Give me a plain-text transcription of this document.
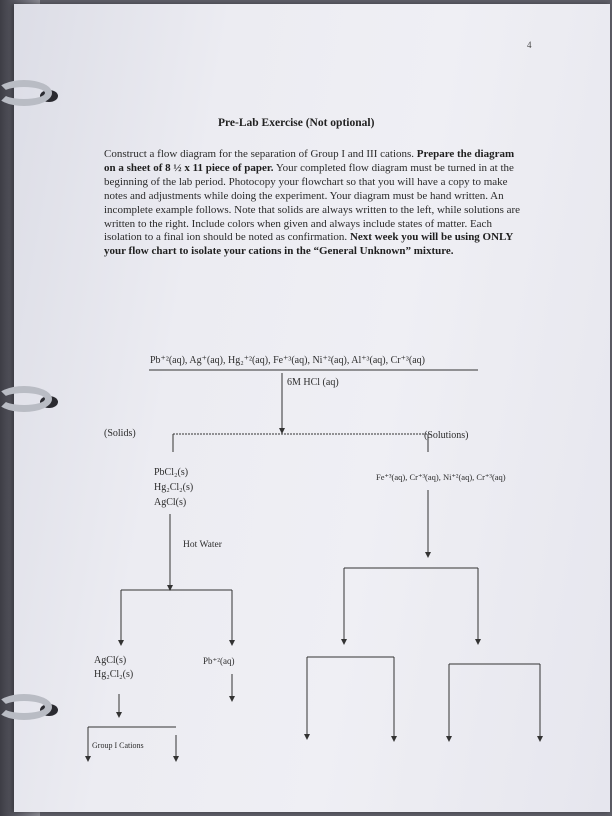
4
Pre-Lab Exercise (Not optional)

Construct a flow diagram for the separation of Group I and III cations. Prepare the diagram on a sheet of 8 ½ x 11 piece of paper. Your completed flow diagram must be turned in at the beginning of the lab period. Photocopy your flowchart so that you will have a copy to make notes and adjustments while doing the experiment. Your diagram must be hand written. An incomplete example follows. Note that solids are always written to the left, while solutions are written to the right. Include colors when given and always include states of matter. Each isolation to a final ion should be noted as confirmation. Next week you will be using ONLY your flow chart to isolate your cations in the “General Unknown” mixture.

Pb⁺²(aq), Ag⁺(aq), Hg₂⁺²(aq), Fe⁺³(aq), Ni⁺²(aq), Al⁺³(aq), Cr⁺³(aq)
6M HCl (aq)
(Solids)	(Solutions)
PbCl₂(s)
Hg₂Cl₂(s)
AgCl(s)
Fe⁺³(aq), Cr⁺³(aq), Ni⁺²(aq), Cr⁺³(aq)
Hot Water
AgCl(s)
Hg₂Cl₂(s)
Pb⁺²(aq)
Group I Cations
